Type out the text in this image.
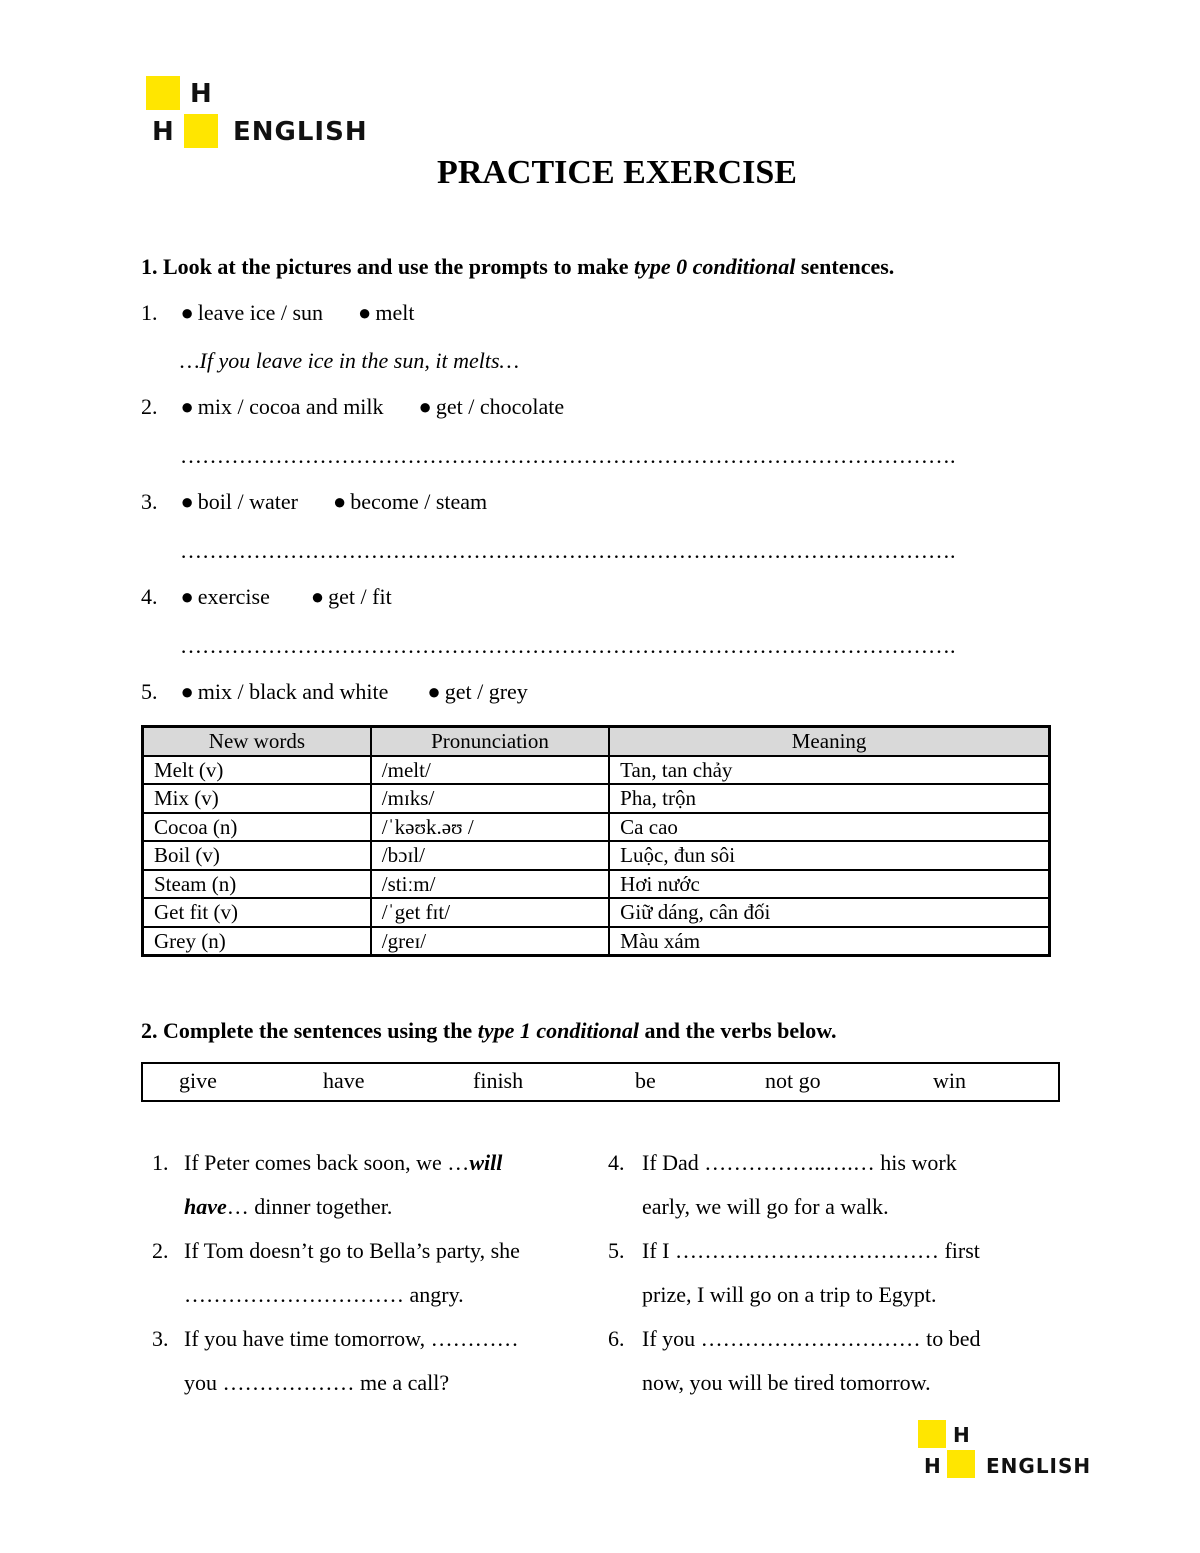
H
H ENGLISH
PRACTICE EXERCISE
1. Look at the pictures and use the prompts to make type 0 conditional sentences.
1. ● leave ice / sun ● melt
…If you leave ice in the sun, it melts…
2. ● mix / cocoa and milk ● get / chocolate
…………………………………………………………………………………………….
3. ● boil / water ● become / steam
…………………………………………………………………………………………….
4. ● exercise ● get / fit
…………………………………………………………………………………………….
5. ● mix / black and white ● get / grey
New words	Pronunciation	Meaning
Melt (v)	/melt/	Tan, tan chảy
Mix (v)	/mɪks/	Pha, trộn
Cocoa (n)	/ˈkəʊk.əʊ /	Ca cao
Boil (v)	/bɔɪl/	Luộc, đun sôi
Steam (n)	/stiːm/	Hơi nước
Get fit (v)	/ˈget fɪt/	Giữ dáng, cân đối
Grey (n)	/greɪ/	Màu xám
2. Complete the sentences using the type 1 conditional and the verbs below.
give	have	finish	be	not go	win
1. If Peter comes back soon, we …will
have… dinner together.
2. If Tom doesn’t go to Bella’s party, she
………………………… angry.
3. If you have time tomorrow, …………
you ……………… me a call?
4. If Dad ……………..….… his work
early, we will go for a walk.
5. If I ……………………………… first
prize, I will go on a trip to Egypt.
6. If you ………………………… to bed
now, you will be tired tomorrow.
H
H ENGLISH
